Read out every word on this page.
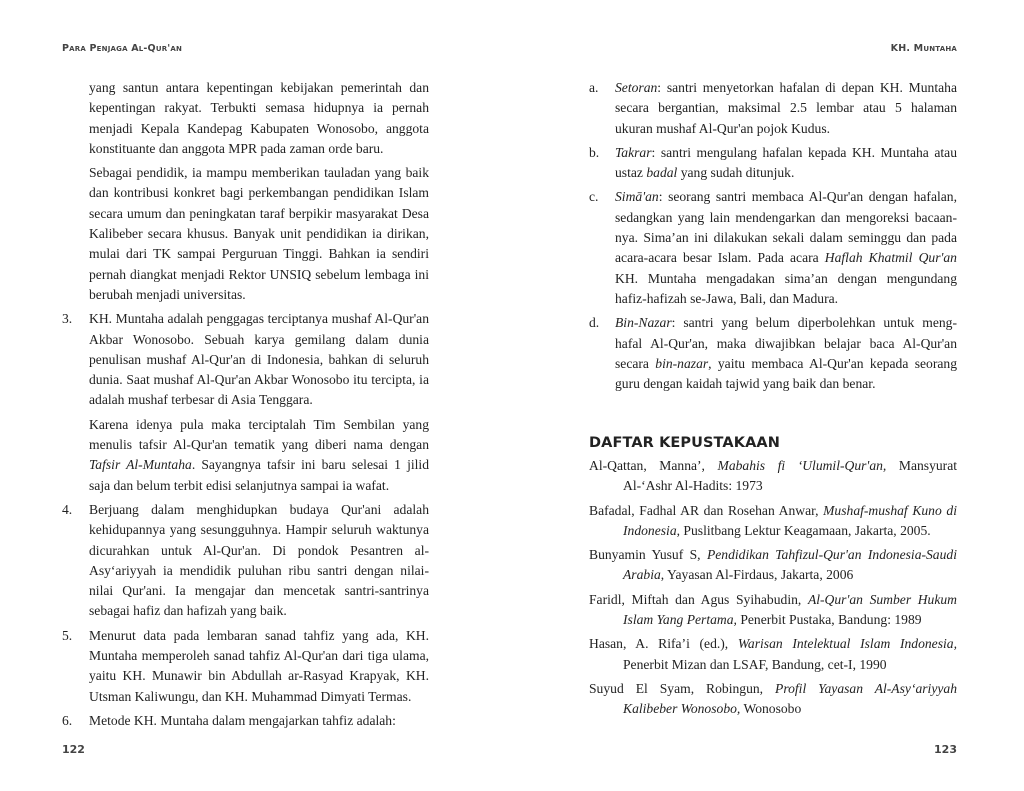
Para Penjaga Al-Qur'an

yang santun antara kepentingan kebijakan pemerintah dan kepentingan rakyat. Terbukti semasa hidupnya ia pernah menjadi Kepala Kandepag Kabupaten Wonosobo, anggota konstituante dan anggota MPR pada zaman orde baru.

Sebagai pendidik, ia mampu memberikan tauladan yang baik dan kontribusi konkret bagi perkembangan pendidikan Islam secara umum dan peningkatan taraf berpikir masyarakat Desa Kalibeber secara khusus. Banyak unit pendidikan ia dirikan, mulai dari TK sampai Perguruan Tinggi. Bahkan ia sendiri pernah diangkat menjadi Rektor UNSIQ sebelum lembaga ini berubah menjadi universitas.

3. KH. Muntaha adalah penggagas terciptanya mushaf Al-Qur'an Akbar Wonosobo. Sebuah karya gemilang dalam dunia penulisan mushaf Al-Qur'an di Indonesia, bahkan di seluruh dunia. Saat mushaf Al-Qur'an Akbar Wonosobo itu tercipta, ia adalah mushaf terbesar di Asia Tenggara.

Karena idenya pula maka terciptalah Tim Sembilan yang menulis tafsir Al-Qur'an tematik yang diberi nama dengan Tafsir Al-Muntaha. Sayangnya tafsir ini baru selesai 1 jilid saja dan belum terbit edisi selanjutnya sampai ia wafat.

4. Berjuang dalam menghidupkan budaya Qur'ani adalah kehidupannya yang sesungguhnya. Hampir seluruh waktunya dicurahkan untuk Al-Qur'an. Di pondok Pesantren al-Asy‘ariyyah ia mendidik puluhan ribu santri dengan nilai-nilai Qur'ani. Ia mengajar dan mencetak santri-santrinya sebagai hafiz dan hafizah yang baik.

5. Menurut data pada lembaran sanad tahfiz yang ada, KH. Muntaha memperoleh sanad tahfiz Al-Qur'an dari tiga ulama, yaitu KH. Munawir bin Abdullah ar-Rasyad Krapyak, KH. Utsman Kaliwungu, dan KH. Muhammad Dimyati Termas.

6. Metode KH. Muntaha dalam mengajarkan tahfiz adalah:

122
KH. Muntaha
123
a. Setoran: santri menyetorkan hafalan di depan KH. Muntaha secara bergantian, maksimal 2.5 lembar atau 5 halaman ukuran mushaf Al-Qur'an pojok Kudus.

b. Takrar: santri mengulang hafalan kepada KH. Muntaha atau ustaz badal yang sudah ditunjuk.

c. Simā'an: seorang santri membaca Al-Qur'an dengan hafalan, sedangkan yang lain mendengarkan dan mengoreksi bacaan-nya. Sima’an ini dilakukan sekali dalam seminggu dan pada acara-acara besar Islam. Pada acara Haflah Khatmil Qur'an KH. Muntaha mengadakan sima’an dengan mengundang hafiz-hafizah se-Jawa, Bali, dan Madura.

d. Bin-Nazar: santri yang belum diperbolehkan untuk meng-hafal Al-Qur'an, maka diwajibkan belajar baca Al-Qur'an secara bin-nazar, yaitu membaca Al-Qur'an kepada seorang guru dengan kaidah tajwid yang baik dan benar.

DAFTAR KEPUSTAKAAN
Al-Qattan, Manna’, Mabahis fi ‘Ulumil-Qur'an, Mansyurat Al-‘Ashr Al-Hadits: 1973
Bafadal, Fadhal AR dan Rosehan Anwar, Mushaf-mushaf Kuno di Indonesia, Puslitbang Lektur Keagamaan, Jakarta, 2005.
Bunyamin Yusuf S, Pendidikan Tahfizul-Qur'an Indonesia-Saudi Arabia, Yayasan Al-Firdaus, Jakarta, 2006
Faridl, Miftah dan Agus Syihabudin, Al-Qur'an Sumber Hukum Islam Yang Pertama, Penerbit Pustaka, Bandung: 1989
Hasan, A. Rifa’i (ed.), Warisan Intelektual Islam Indonesia, Penerbit Mizan dan LSAF, Bandung, cet-I, 1990
Suyud El Syam, Robingun, Profil Yayasan Al-Asy‘ariyyah Kalibeber Wonosobo, Wonosobo
